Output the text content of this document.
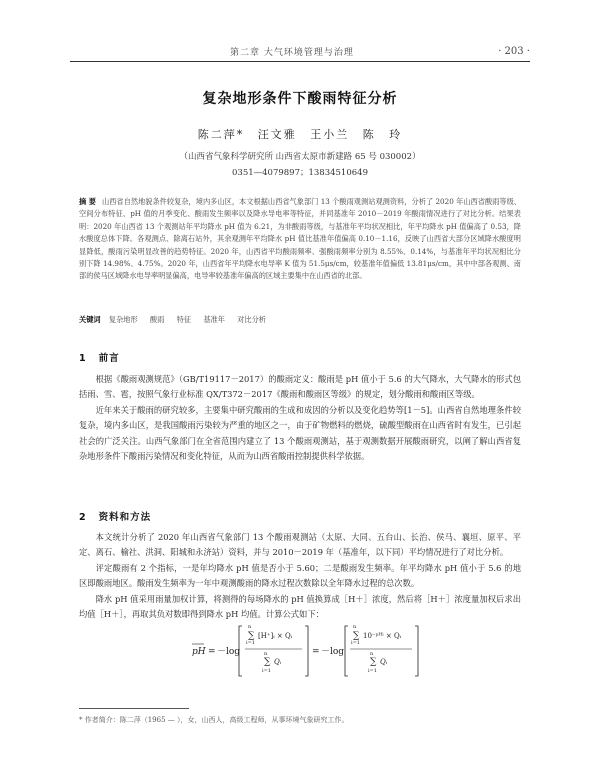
第二章 大气环境管理与治理	· 203 ·
复杂地形条件下酸雨特征分析
陈二萍* 汪文雅 王小兰 陈 玲
（山西省气象科学研究所 山西省太原市新建路 65 号 030002）
0351—4079897；13834510649
摘 要 山西省自然地貌条件较复杂，境内多山区，本文根据山西省气象部门 13 个酸雨观测站观测资料，分析了 2020 年山西省酸雨等级、空间分布特征、pH 值的月季变化、酸雨发生频率以及降水导电率等特征，并同基准年 2010－2019 年酸雨情况进行了对比分析。结果表明：2020 年山西省 13 个观测站年平均降水 pH 值为 6.21，为非酸雨等级，与基准年平均状况相比，年平均降水 pH 值偏高了 0.53，降水酸度总体下降。各观测点、除离石站外，其余观测年平均降水 pH 值比基准年值偏高 0.10－1.16，反映了山西省大部分区域降水酸度明显降低，酸雨污染明显改善的趋势特征。2020 年，山西省平均酸雨频率、强酸雨频率分别为 8.55%、0.14%，与基准年平均状况相比分别下降 14.98%、4.75%。2020 年，山西省年平均降水电导率 K 值为 51.5μs/cm，较基准年值偏低 13.81μs/cm，其中中部各观测、南部的侯马区域降水电导率明显偏高，电导率较基准年偏高的区域主要集中在山西省的北部。
关键词 复杂地形 酸雨 特征 基准年 对比分析
1 前言

根据《酸雨观测规范》（GB/T19117－2017）的酸雨定义：酸雨是 pH 值小于 5.6 的大气降水，大气降水的形式包括雨、雪、雹，按照气象行业标准 QX/T372－2017《酸雨和酸雨区等级》的规定，划分酸雨和酸雨区等级。

近年来关于酸雨的研究较多，主要集中研究酸雨的生成和成因的分析以及变化趋势等[1－5]。山西省自然地理条件较复杂，境内多山区，是我国酸雨污染较为严重的地区之一，由于矿物燃料的燃烧，硫酸型酸雨在山西省时有发生，已引起社会的广泛关注。山西气象部门在全省范围内建立了 13 个酸雨观测站，基于观测数据开展酸雨研究，以阐了解山西省复杂地形条件下酸雨污染情况和变化特征，从而为山西省酸雨控制提供科学依据。

2 资料和方法

本文统计分析了 2020 年山西省气象部门 13 个酸雨观测站（太原、大同、五台山、长治、侯马、襄垣、原平、平定、离石、榆社、洪洞、阳城和永济站）资料，并与 2010－2019 年（基准年，以下同）平均情况进行了对比分析。

评定酸雨有 2 个指标，一是年均降水 pH 值是否小于 5.60；二是酸雨发生频率。年平均降水 pH 值小于 5.6 的地区即酸雨地区。酸雨发生频率为一年中观测酸雨的降水过程次数除以全年降水过程的总次数。

降水 pH 值采用雨量加权计算，将测得的每场降水的 pH 值换算成［H＋］浓度，然后将［H＋］浓度量加权后求出均值［H＋］，再取其负对数即得到降水 pH 均值。计算公式如下：

pH = －log
∑
n
i=1
[H⁺]ᵢ × Qᵢ
∑
n
i=1
Qᵢ
= －log
∑
n
i=1
10⁻ᵖᴴⁱ × Qᵢ
∑
n
i=1
Qᵢ
* 作者简介：陈二萍（1965 — ），女，山西人，高级工程师，从事环境气象研究工作。
